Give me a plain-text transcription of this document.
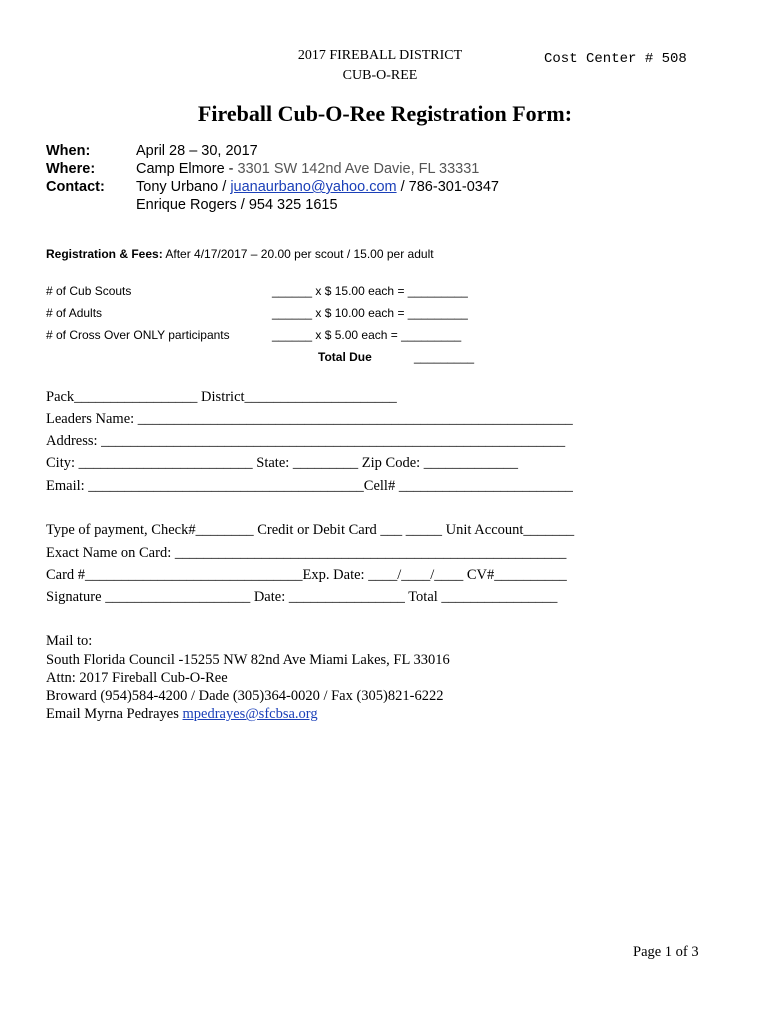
2017 FIREBALL DISTRICT
CUB-O-REE
Cost Center # 508
Fireball Cub-O-Ree Registration Form:
When:	April 28 – 30, 2017
Where:	Camp Elmore - 3301 SW 142nd Ave Davie, FL 33331
Contact: Tony Urbano / juanaurbano@yahoo.com / 786-301-0347
Enrique Rogers / 954 325 1615
Registration & Fees: After 4/17/2017 – 20.00 per scout / 15.00 per adult
# of Cub Scouts	______ x $ 15.00 each = _________
# of Adults	______ x $ 10.00 each = _________
# of Cross Over ONLY participants	______ x $ 5.00 each = _________
Total Due	_________
Pack_________________ District_____________________
Leaders Name: ____________________________________________________________
Address: ________________________________________________________________
City: ________________________ State: _________ Zip Code: _____________
Email: ______________________________________Cell# ________________________
Type of payment, Check#________ Credit or Debit Card ___ _____ Unit Account_______
Exact Name on Card: ______________________________________________________
Card #______________________________Exp. Date: ____/____/____ CV#__________
Signature ____________________ Date: ________________ Total ________________
Mail to:
South Florida Council -15255 NW 82nd Ave Miami Lakes, FL 33016
Attn: 2017 Fireball Cub-O-Ree
Broward (954)584-4200 / Dade (305)364-0020 / Fax (305)821-6222
Email Myrna Pedrayes mpedrayes@sfcbsa.org
Page 1 of 3
